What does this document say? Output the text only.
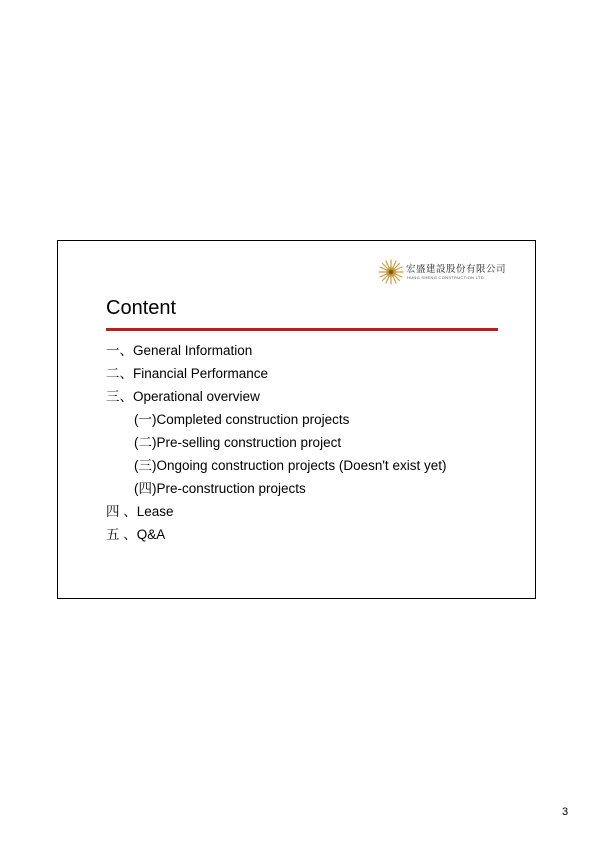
宏盛建設股份有限公司
HUNG SHENG CONSTRUCTION LTD
Content
一、General Information
二、Financial Performance
三、Operational overview
(一)Completed construction projects
(二)Pre-selling construction project
(三)Ongoing construction projects (Doesn't exist yet)
(四)Pre-construction projects
四 、Lease
五 、Q&A
3
